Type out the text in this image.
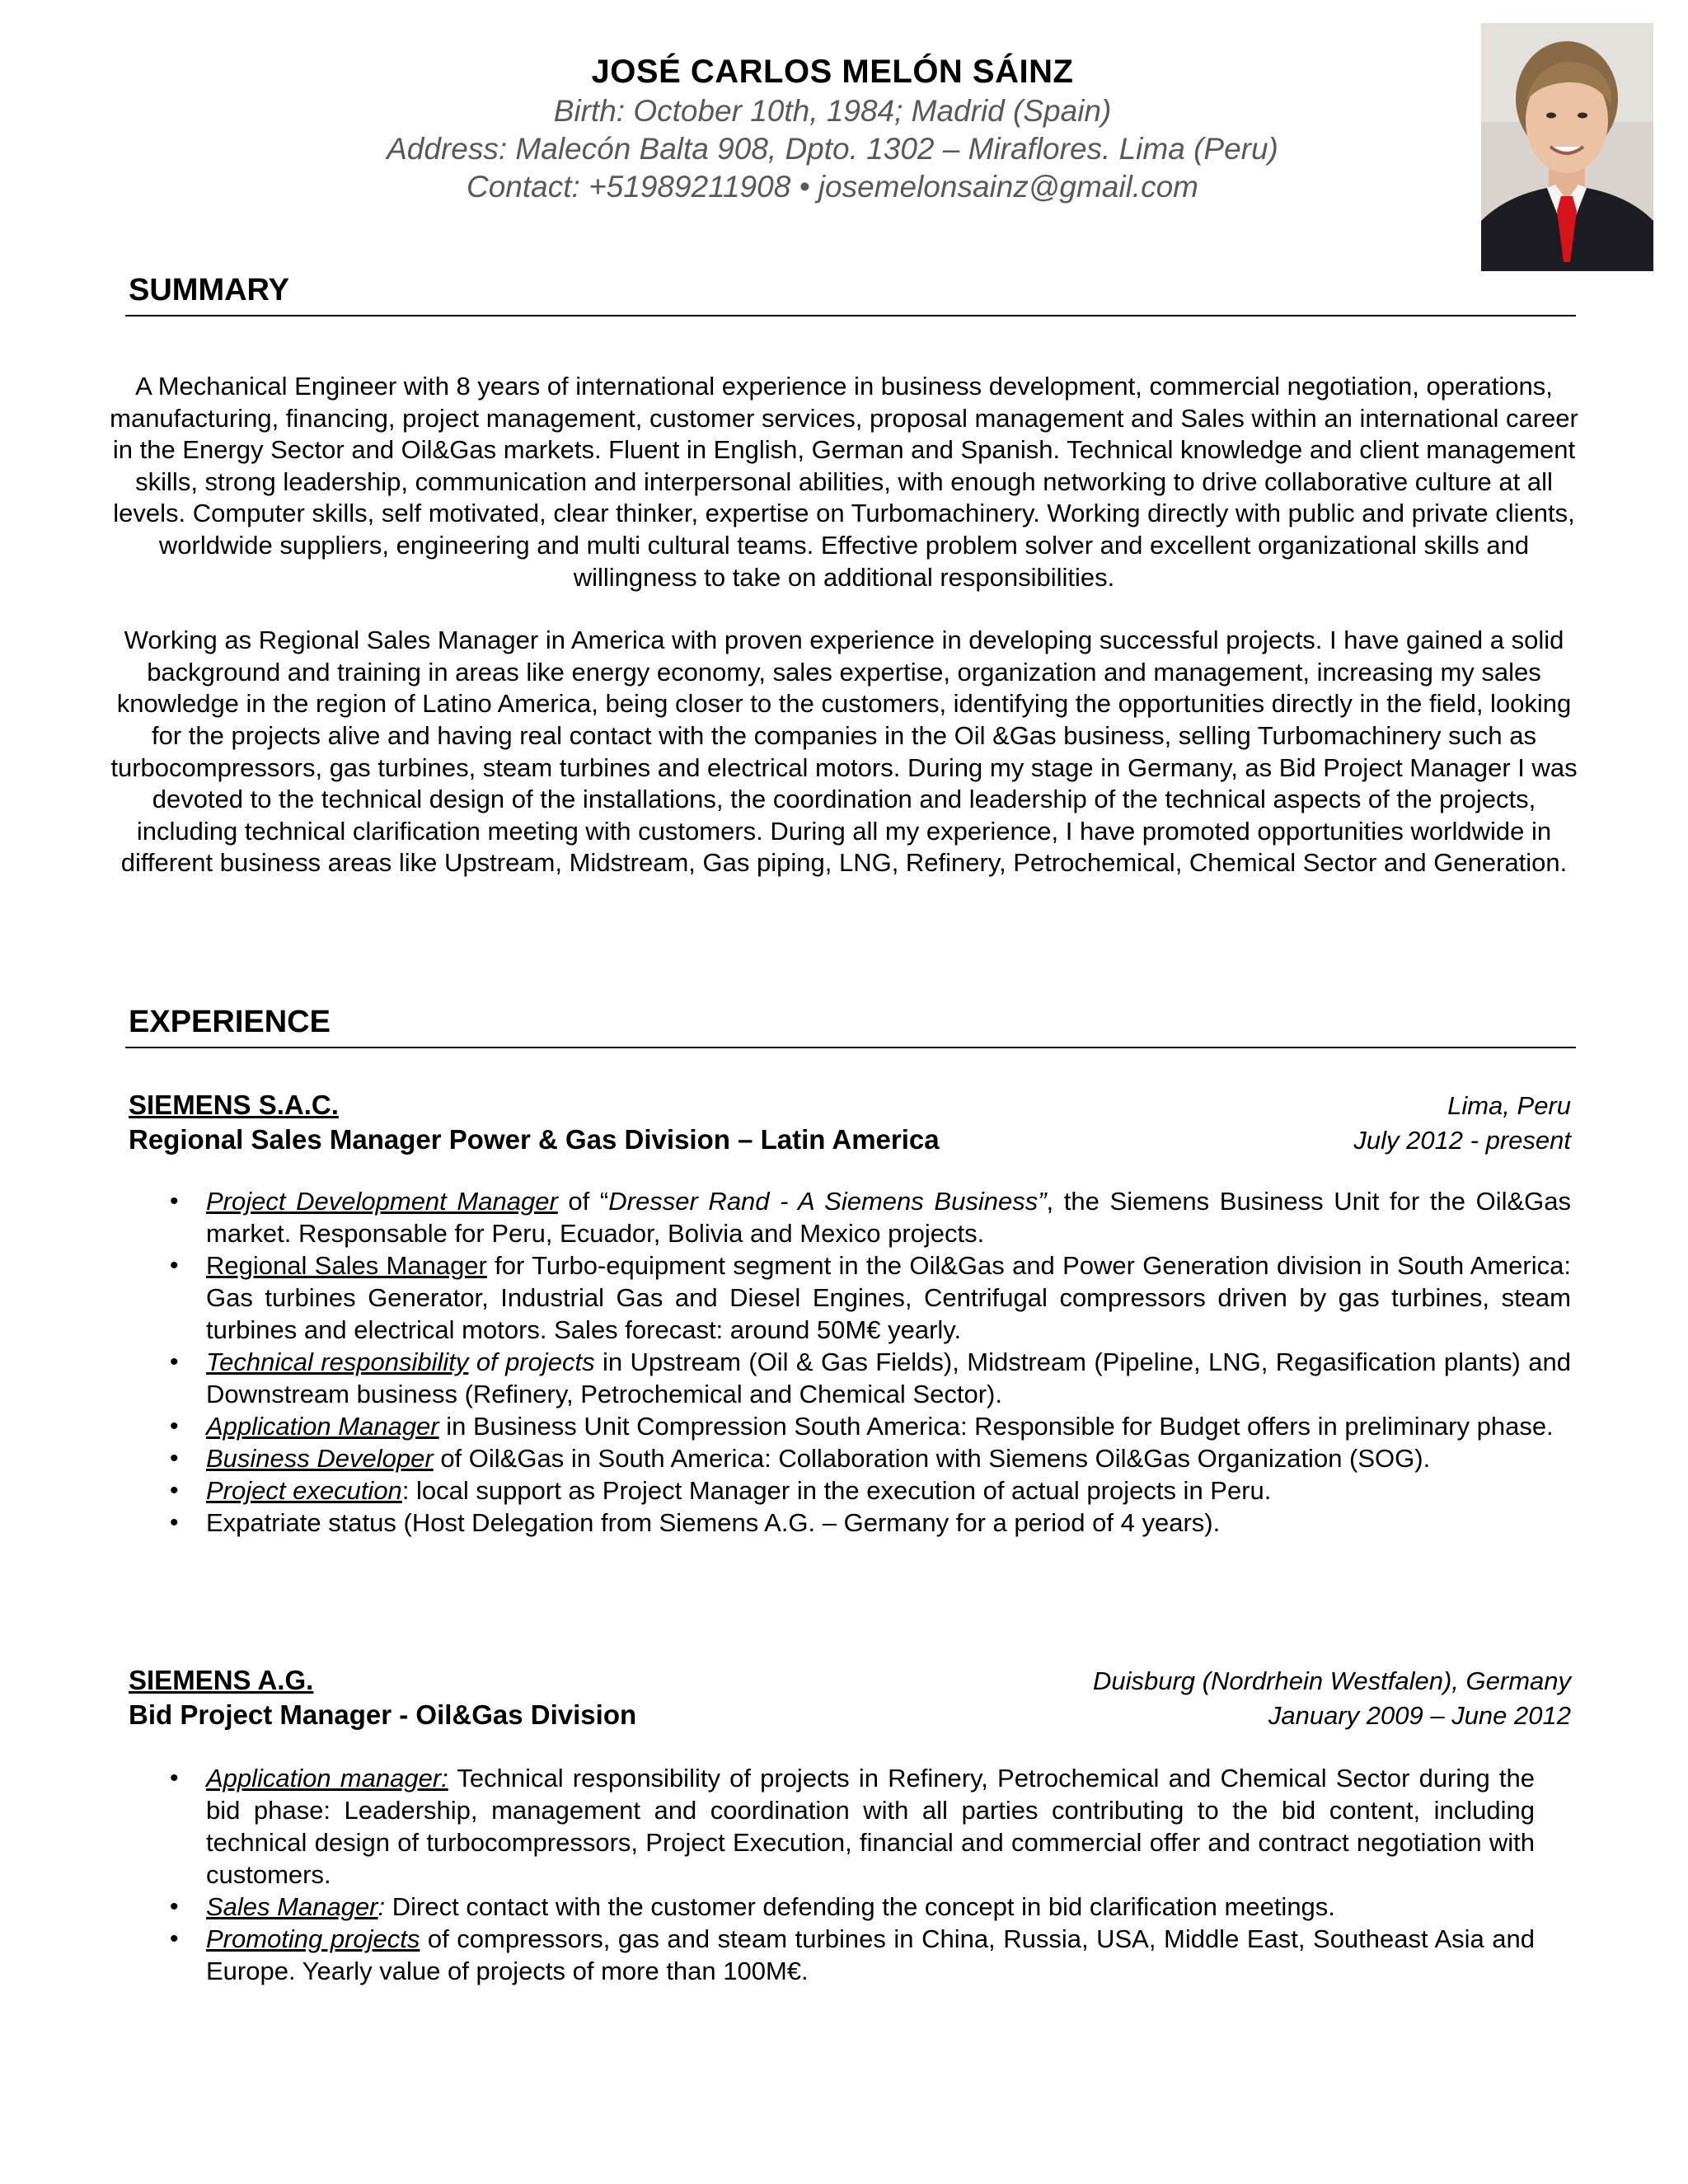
JOSÉ CARLOS MELÓN SÁINZ
Birth: October 10th, 1984; Madrid (Spain)
Address: Malecón Balta 908, Dpto. 1302 – Miraflores. Lima (Peru)
Contact: +51989211908 • josemelonsainz@gmail.com
SUMMARY

A Mechanical Engineer with 8 years of international experience in business development, commercial negotiation, operations, manufacturing, financing, project management, customer services, proposal management and Sales within an international career in the Energy Sector and Oil&Gas markets. Fluent in English, German and Spanish. Technical knowledge and client management skills, strong leadership, communication and interpersonal abilities, with enough networking to drive collaborative culture at all levels. Computer skills, self motivated, clear thinker, expertise on Turbomachinery. Working directly with public and private clients, worldwide suppliers, engineering and multi cultural teams. Effective problem solver and excellent organizational skills and willingness to take on additional responsibilities.

Working as Regional Sales Manager in America with proven experience in developing successful projects. I have gained a solid background and training in areas like energy economy, sales expertise, organization and management, increasing my sales knowledge in the region of Latino America, being closer to the customers, identifying the opportunities directly in the field, looking for the projects alive and having real contact with the companies in the Oil &Gas business, selling Turbomachinery such as turbocompressors, gas turbines, steam turbines and electrical motors. During my stage in Germany, as Bid Project Manager I was devoted to the technical design of the installations, the coordination and leadership of the technical aspects of the projects, including technical clarification meeting with customers. During all my experience, I have promoted opportunities worldwide in different business areas like Upstream, Midstream, Gas piping, LNG, Refinery, Petrochemical, Chemical Sector and Generation.

EXPERIENCE
SIEMENS S.A.C.	Lima, Peru
Regional Sales Manager Power & Gas Division – Latin America	July 2012 - present
• Project Development Manager of “Dresser Rand - A Siemens Business”, the Siemens Business Unit for the Oil&Gas market. Responsable for Peru, Ecuador, Bolivia and Mexico projects.
• Regional Sales Manager for Turbo-equipment segment in the Oil&Gas and Power Generation division in South America: Gas turbines Generator, Industrial Gas and Diesel Engines, Centrifugal compressors driven by gas turbines, steam turbines and electrical motors. Sales forecast: around 50M€ yearly.
• Technical responsibility of projects in Upstream (Oil & Gas Fields), Midstream (Pipeline, LNG, Regasification plants) and Downstream business (Refinery, Petrochemical and Chemical Sector).
• Application Manager in Business Unit Compression South America: Responsible for Budget offers in preliminary phase.
• Business Developer of Oil&Gas in South America: Collaboration with Siemens Oil&Gas Organization (SOG).
• Project execution: local support as Project Manager in the execution of actual projects in Peru.
• Expatriate status (Host Delegation from Siemens A.G. – Germany for a period of 4 years).
SIEMENS A.G.	Duisburg (Nordrhein Westfalen), Germany
Bid Project Manager - Oil&Gas Division	January 2009 – June 2012
• Application manager: Technical responsibility of projects in Refinery, Petrochemical and Chemical Sector during the bid phase: Leadership, management and coordination with all parties contributing to the bid content, including technical design of turbocompressors, Project Execution, financial and commercial offer and contract negotiation with customers.
• Sales Manager: Direct contact with the customer defending the concept in bid clarification meetings.
• Promoting projects of compressors, gas and steam turbines in China, Russia, USA, Middle East, Southeast Asia and Europe. Yearly value of projects of more than 100M€.
